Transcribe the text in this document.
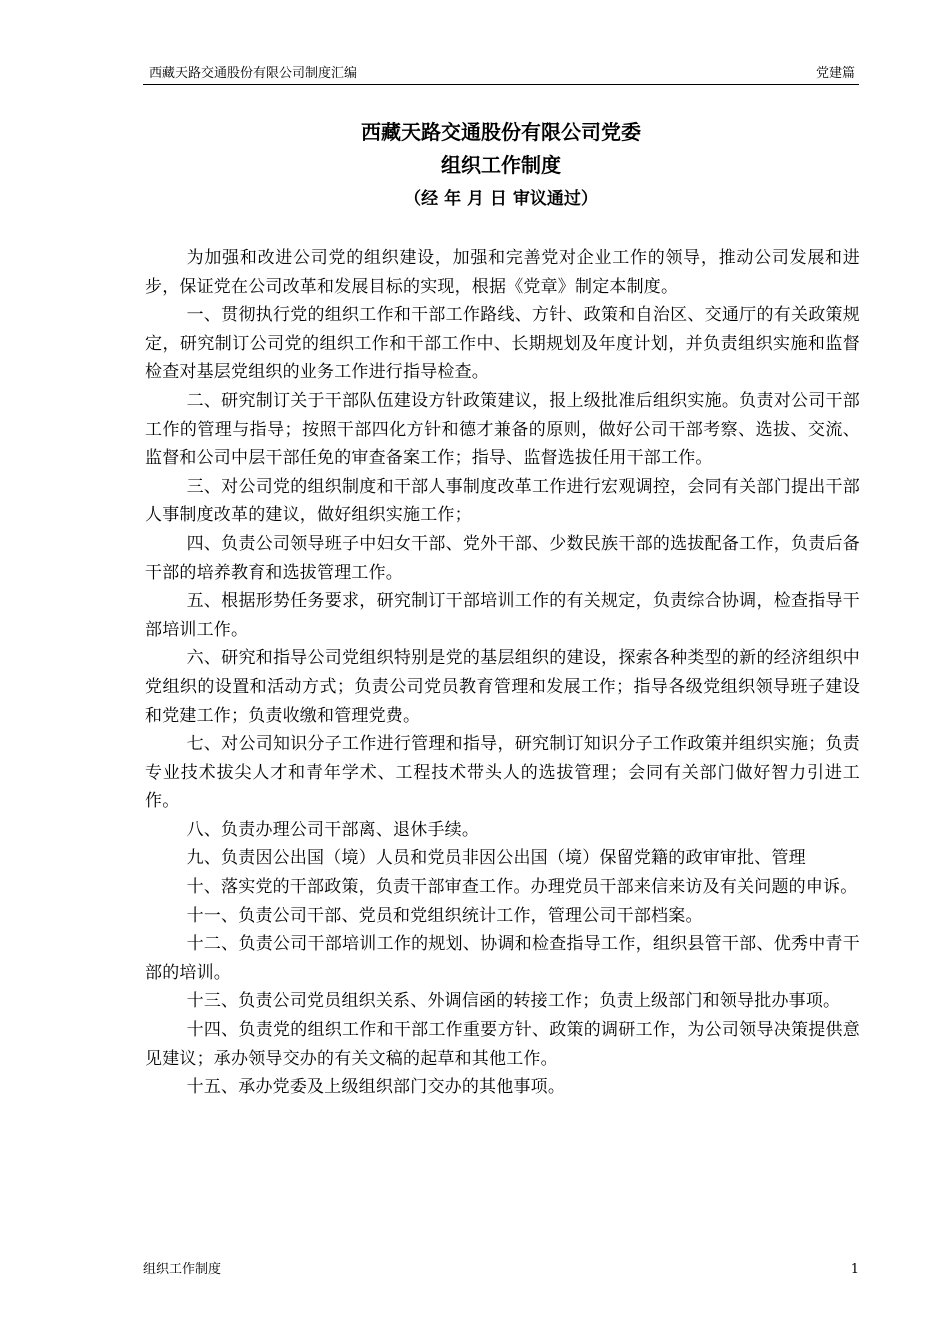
西藏天路交通股份有限公司制度汇编	党建篇
西藏天路交通股份有限公司党委
组织工作制度
（经 年 月 日 审议通过）

为加强和改进公司党的组织建设，加强和完善党对企业工作的领导，推动公司发展和进步，保证党在公司改革和发展目标的实现，根据《党章》制定本制度。

一、贯彻执行党的组织工作和干部工作路线、方针、政策和自治区、交通厅的有关政策规定，研究制订公司党的组织工作和干部工作中、长期规划及年度计划，并负责组织实施和监督检查对基层党组织的业务工作进行指导检查。

二、研究制订关于干部队伍建设方针政策建议，报上级批准后组织实施。负责对公司干部工作的管理与指导；按照干部四化方针和德才兼备的原则，做好公司干部考察、选拔、交流、监督和公司中层干部任免的审查备案工作；指导、监督选拔任用干部工作。

三、对公司党的组织制度和干部人事制度改革工作进行宏观调控，会同有关部门提出干部人事制度改革的建议，做好组织实施工作；

四、负责公司领导班子中妇女干部、党外干部、少数民族干部的选拔配备工作，负责后备干部的培养教育和选拔管理工作。

五、根据形势任务要求，研究制订干部培训工作的有关规定，负责综合协调，检查指导干部培训工作。

六、研究和指导公司党组织特别是党的基层组织的建设，探索各种类型的新的经济组织中党组织的设置和活动方式；负责公司党员教育管理和发展工作；指导各级党组织领导班子建设和党建工作；负责收缴和管理党费。

七、对公司知识分子工作进行管理和指导，研究制订知识分子工作政策并组织实施；负责专业技术拔尖人才和青年学术、工程技术带头人的选拔管理；会同有关部门做好智力引进工作。

八、负责办理公司干部离、退休手续。

九、负责因公出国（境）人员和党员非因公出国（境）保留党籍的政审审批、管理

十、落实党的干部政策，负责干部审查工作。办理党员干部来信来访及有关问题的申诉。

十一、负责公司干部、党员和党组织统计工作，管理公司干部档案。

十二、负责公司干部培训工作的规划、协调和检查指导工作，组织县管干部、优秀中青干部的培训。

十三、负责公司党员组织关系、外调信函的转接工作；负责上级部门和领导批办事项。

十四、负责党的组织工作和干部工作重要方针、政策的调研工作，为公司领导决策提供意见建议；承办领导交办的有关文稿的起草和其他工作。

十五、承办党委及上级组织部门交办的其他事项。

组织工作制度	1
